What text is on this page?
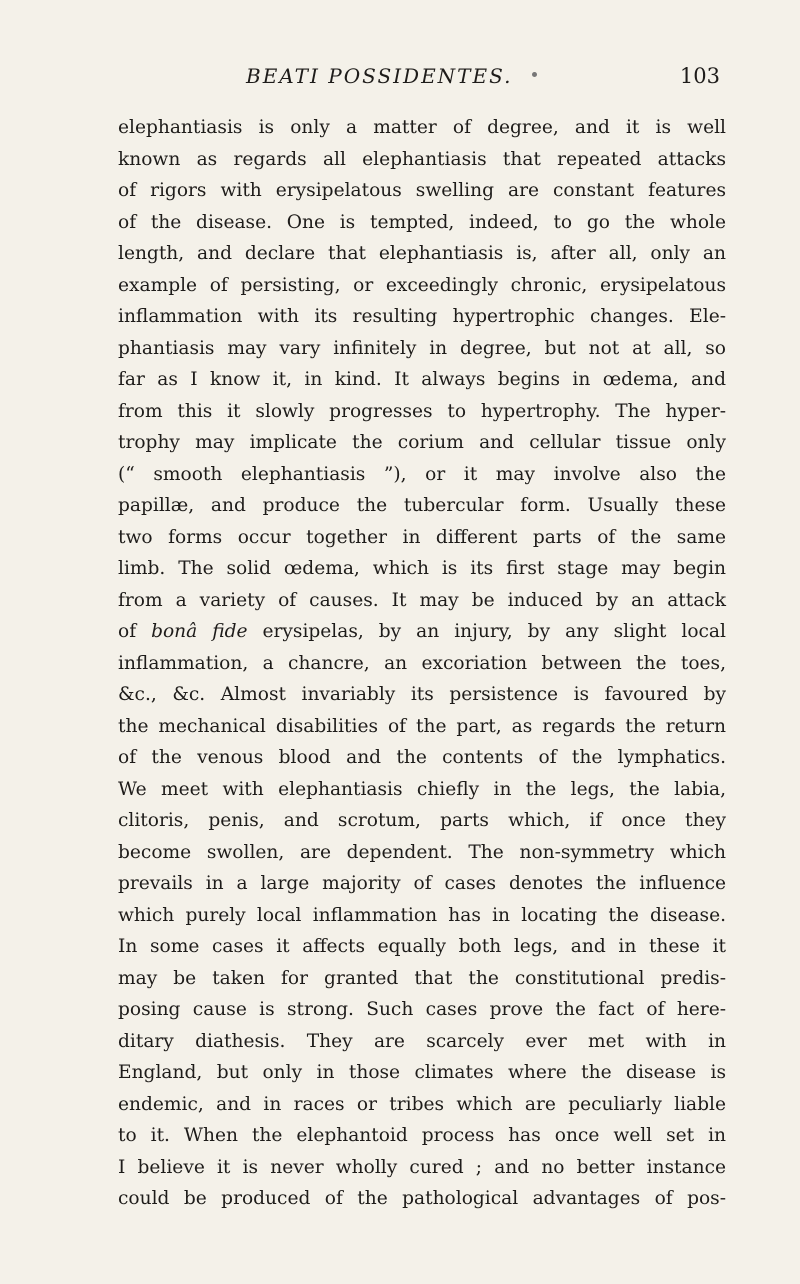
BEATI POSSIDENTES.	103
elephantiasis is only a matter of degree, and it is well
known as regards all elephantiasis that repeated attacks
of rigors with erysipelatous swelling are constant features
of the disease. One is tempted, indeed, to go the whole
length, and declare that elephantiasis is, after all, only an
example of persisting, or exceedingly chronic, erysipelatous
inflammation with its resulting hypertrophic changes. Ele-
phantiasis may vary infinitely in degree, but not at all, so
far as I know it, in kind. It always begins in œdema, and
from this it slowly progresses to hypertrophy. The hyper-
trophy may implicate the corium and cellular tissue only
(“ smooth elephantiasis ”), or it may involve also the
papillæ, and produce the tubercular form. Usually these
two forms occur together in different parts of the same
limb. The solid œdema, which is its first stage may begin
from a variety of causes. It may be induced by an attack
of bonâ fide erysipelas, by an injury, by any slight local
inflammation, a chancre, an excoriation between the toes,
&c., &c. Almost invariably its persistence is favoured by
the mechanical disabilities of the part, as regards the return
of the venous blood and the contents of the lymphatics.
We meet with elephantiasis chiefly in the legs, the labia,
clitoris, penis, and scrotum, parts which, if once they
become swollen, are dependent. The non-symmetry which
prevails in a large majority of cases denotes the influence
which purely local inflammation has in locating the disease.
In some cases it affects equally both legs, and in these it
may be taken for granted that the constitutional predis-
posing cause is strong. Such cases prove the fact of here-
ditary diathesis. They are scarcely ever met with in
England, but only in those climates where the disease is
endemic, and in races or tribes which are peculiarly liable
to it. When the elephantoid process has once well set in
I believe it is never wholly cured ; and no better instance
could be produced of the pathological advantages of pos-
